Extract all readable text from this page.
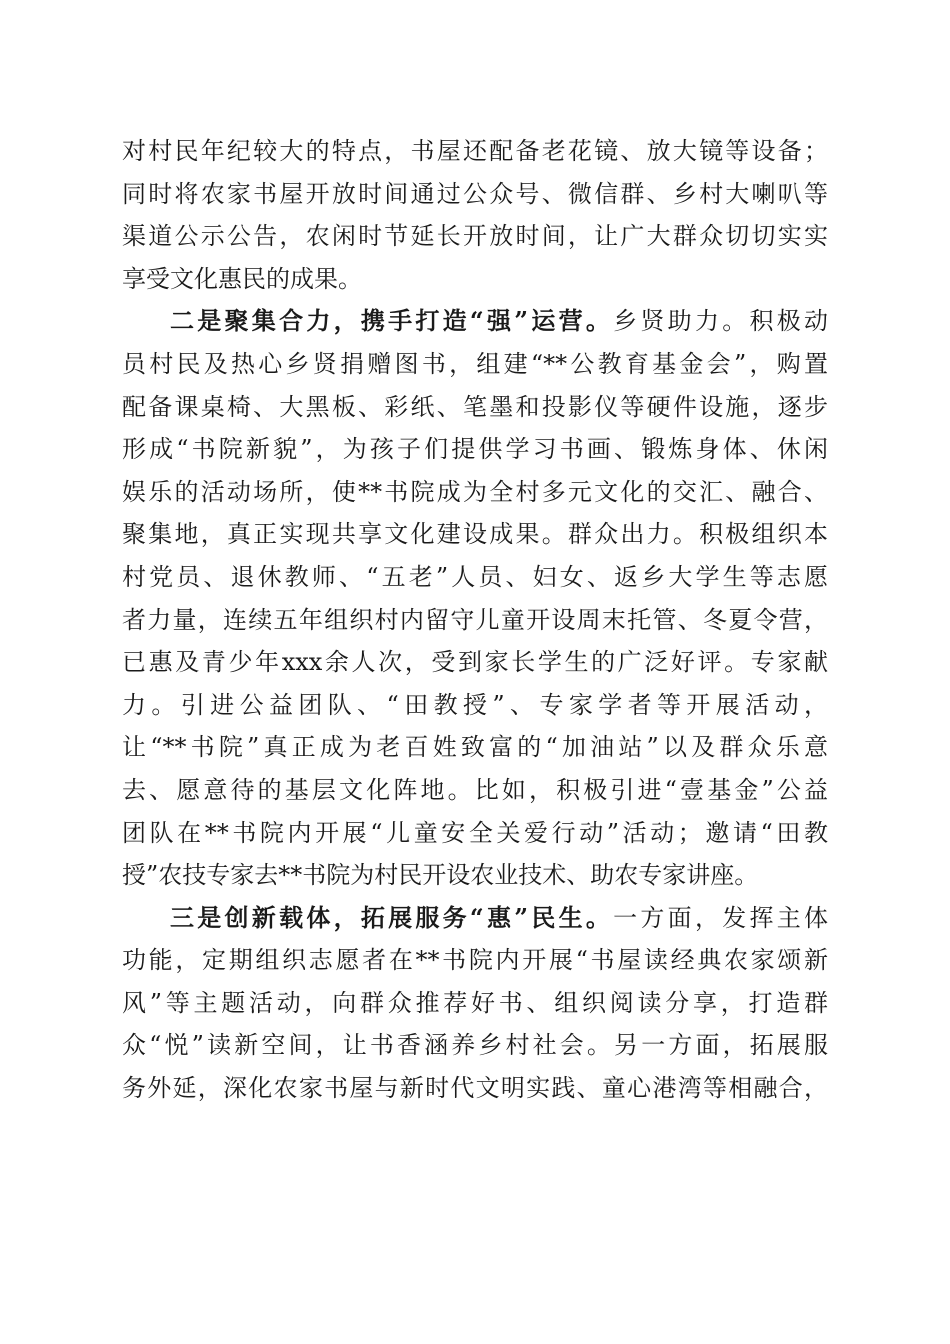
对村民年纪较大的特点，书屋还配备老花镜、放大镜等设备；
同时将农家书屋开放时间通过公众号、微信群、乡村大喇叭等
渠道公示公告，农闲时节延长开放时间，让广大群众切切实实
享受文化惠民的成果。
二是聚集合力，携手打造“强”运营。乡贤助力。积极动
员村民及热心乡贤捐赠图书，组建“**公教育基金会”，购置
配备课桌椅、大黑板、彩纸、笔墨和投影仪等硬件设施，逐步
形成“书院新貌”，为孩子们提供学习书画、锻炼身体、休闲
娱乐的活动场所，使**书院成为全村多元文化的交汇、融合、
聚集地，真正实现共享文化建设成果。群众出力。积极组织本
村党员、退休教师、“五老”人员、妇女、返乡大学生等志愿
者力量，连续五年组织村内留守儿童开设周末托管、冬夏令营，
已惠及青少年xxx余人次，受到家长学生的广泛好评。专家献
力。引进公益团队、“田教授”、专家学者等开展活动，
让“**书院”真正成为老百姓致富的“加油站”以及群众乐意
去、愿意待的基层文化阵地。比如，积极引进“壹基金”公益
团队在**书院内开展“儿童安全关爱行动”活动；邀请“田教
授”农技专家去**书院为村民开设农业技术、助农专家讲座。
三是创新载体，拓展服务“惠”民生。一方面，发挥主体
功能，定期组织志愿者在**书院内开展“书屋读经典农家颂新
风”等主题活动，向群众推荐好书、组织阅读分享，打造群
众“悦”读新空间，让书香涵养乡村社会。另一方面，拓展服
务外延，深化农家书屋与新时代文明实践、童心港湾等相融合，
